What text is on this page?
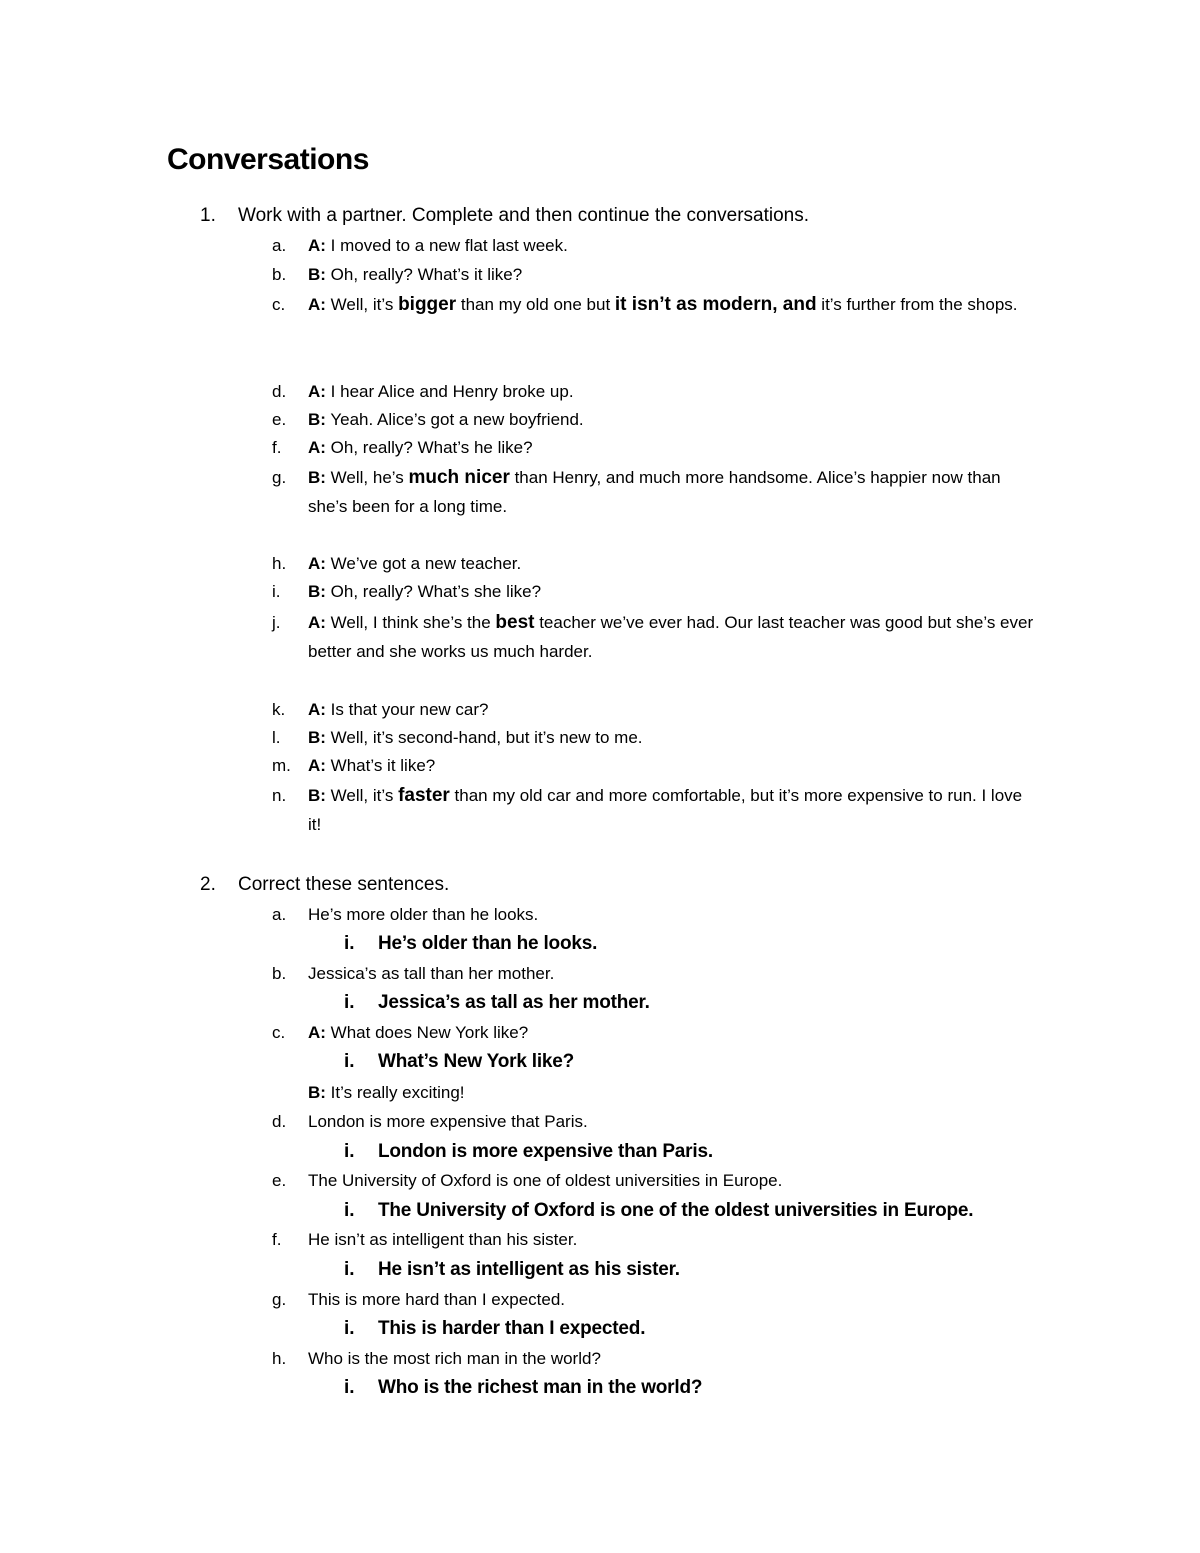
Conversations
1. Work with a partner. Complete and then continue the conversations.
a. A: I moved to a new flat last week.
b. B: Oh, really? What’s it like?
c. A: Well, it’s bigger than my old one but it isn’t as modern, and it’s further from the shops.
d. A: I hear Alice and Henry broke up.
e. B: Yeah. Alice’s got a new boyfriend.
f. A: Oh, really? What’s he like?
g. B: Well, he’s much nicer than Henry, and much more handsome. Alice’s happier now than she’s been for a long time.
h. A: We’ve got a new teacher.
i. B: Oh, really? What’s she like?
j. A: Well, I think she’s the best teacher we’ve ever had. Our last teacher was good but she’s ever better and she works us much harder.
k. A: Is that your new car?
l. B: Well, it’s second-hand, but it’s new to me.
m. A: What’s it like?
n. B: Well, it’s faster than my old car and more comfortable, but it’s more expensive to run. I love it!
2. Correct these sentences.
a. He’s more older than he looks.
i. He’s older than he looks.
b. Jessica’s as tall than her mother.
i. Jessica’s as tall as her mother.
c. A: What does New York like?
i. What’s New York like?
B: It’s really exciting!
d. London is more expensive that Paris.
i. London is more expensive than Paris.
e. The University of Oxford is one of oldest universities in Europe.
i. The University of Oxford is one of the oldest universities in Europe.
f. He isn’t as intelligent than his sister.
i. He isn’t as intelligent as his sister.
g. This is more hard than I expected.
i. This is harder than I expected.
h. Who is the most rich man in the world?
i. Who is the richest man in the world?
